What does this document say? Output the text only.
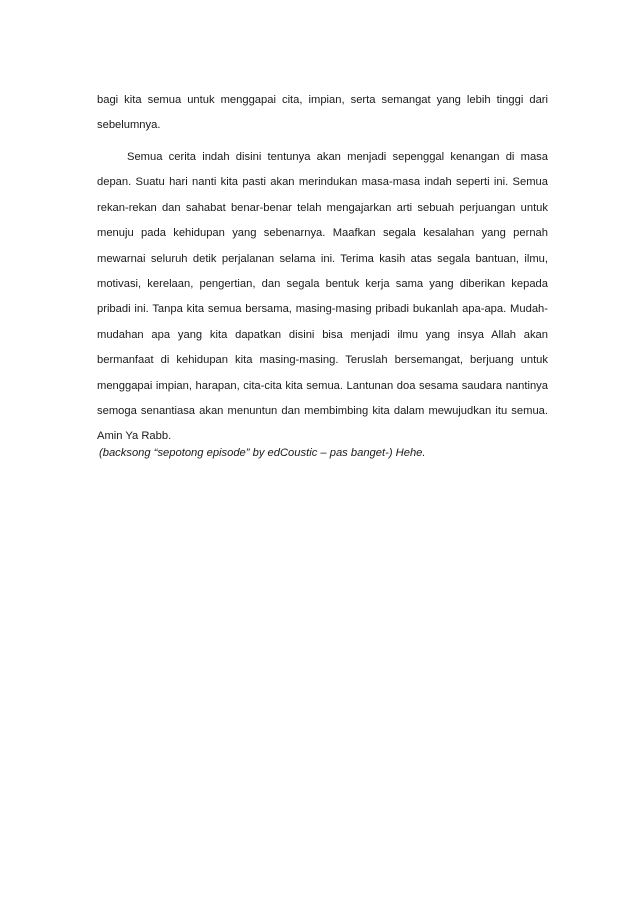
bagi kita semua untuk menggapai cita, impian, serta semangat yang lebih tinggi dari sebelumnya.

Semua cerita indah disini tentunya akan menjadi sepenggal kenangan di masa depan. Suatu hari nanti kita pasti akan merindukan masa-masa indah seperti ini. Semua rekan-rekan dan sahabat benar-benar telah mengajarkan arti sebuah perjuangan untuk menuju pada kehidupan yang sebenarnya. Maafkan segala kesalahan yang pernah mewarnai seluruh detik perjalanan selama ini. Terima kasih atas segala bantuan, ilmu, motivasi, kerelaan, pengertian, dan segala bentuk kerja sama yang diberikan kepada pribadi ini. Tanpa kita semua bersama, masing-masing pribadi bukanlah apa-apa. Mudah-mudahan apa yang kita dapatkan disini bisa menjadi ilmu yang insya Allah akan bermanfaat di kehidupan kita masing-masing. Teruslah bersemangat, berjuang untuk menggapai impian, harapan, cita-cita kita semua. Lantunan doa sesama saudara nantinya semoga senantiasa akan menuntun dan membimbing kita dalam mewujudkan itu semua. Amin Ya Rabb.

(backsong “sepotong episode” by edCoustic – pas banget-) Hehe.
